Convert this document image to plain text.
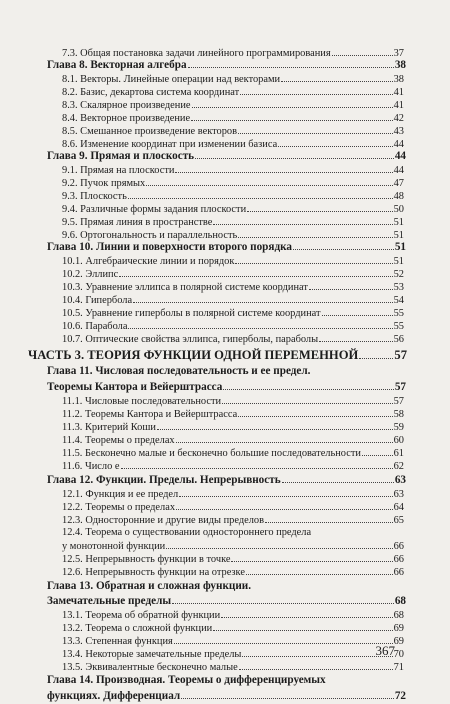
7.3. Общая постановка задачи линейного программирования	37
Глава 8. Векторная алгебра	38
8.1. Векторы. Линейные операции над векторами	38
8.2. Базис, декартова система координат	41
8.3. Скалярное произведение	41
8.4. Векторное произведение	42
8.5. Смешанное произведение векторов	43
8.6. Изменение координат при изменении базиса	44
Глава 9. Прямая и плоскость	44
9.1. Прямая на плоскости	44
9.2. Пучок прямых	47
9.3. Плоскость	48
9.4. Различные формы задания плоскости	50
9.5. Прямая линия в пространстве	51
9.6. Ортогональность и параллельность	51
Глава 10. Линии и поверхности второго порядка	51
10.1. Алгебраические линии и порядок	51
10.2. Эллипс	52
10.3. Уравнение эллипса в полярной системе координат	53
10.4. Гипербола	54
10.5. Уравнение гиперболы в полярной системе координат	55
10.6. Парабола	55
10.7. Оптические свойства эллипса, гиперболы, параболы	56
ЧАСТЬ 3. ТЕОРИЯ ФУНКЦИИ ОДНОЙ ПЕРЕМЕННОЙ	57
Глава 11. Числовая последовательность и ее предел.
Теоремы Кантора и Вейерштрасса	57
11.1. Числовые последовательности	57
11.2. Теоремы Кантора и Вейерштрасса	58
11.3. Критерий Коши	59
11.4. Теоремы о пределах	60
11.5. Бесконечно малые и бесконечно большие последовательности	61
11.6. Число е	62
Глава 12. Функции. Пределы. Непрерывность	63
12.1. Функция и ее предел	63
12.2. Теоремы о пределах	64
12.3. Односторонние и другие виды пределов	65
12.4. Теорема о существовании одностороннего предела
у монотонной функции	66
12.5. Непрерывность функции в точке	66
12.6. Непрерывность функции на отрезке	66
Глава 13. Обратная и сложная функции.
Замечательные пределы	68
13.1. Теорема об обратной функции	68
13.2. Теорема о сложной функции	69
13.3. Степенная функция	69
13.4. Некоторые замечательные пределы	70
13.5. Эквивалентные бесконечно малые	71
Глава 14. Производная. Теоремы о дифференцируемых
функциях. Дифференциал	72
367
